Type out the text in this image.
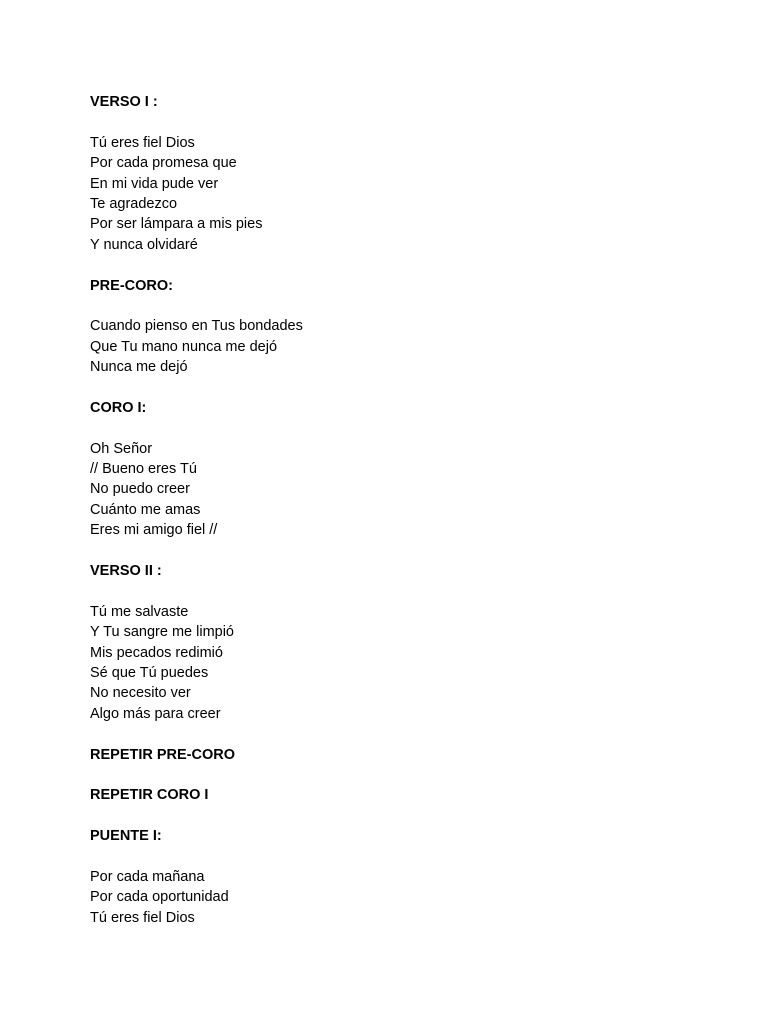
VERSO I :
Tú eres fiel Dios
Por cada promesa que
En mi vida pude ver
Te agradezco
Por ser lámpara a mis pies
Y nunca olvidaré
PRE-CORO:
Cuando pienso en Tus bondades
Que Tu mano nunca me dejó
Nunca me dejó
CORO I:
Oh Señor
// Bueno eres Tú
No puedo creer
Cuánto me amas
Eres mi amigo fiel //
VERSO II :
Tú me salvaste
Y Tu sangre me limpió
Mis pecados redimió
Sé que Tú puedes
No necesito ver
Algo más para creer
REPETIR PRE-CORO
REPETIR CORO I
PUENTE I:
Por cada mañana
Por cada oportunidad
Tú eres fiel Dios
